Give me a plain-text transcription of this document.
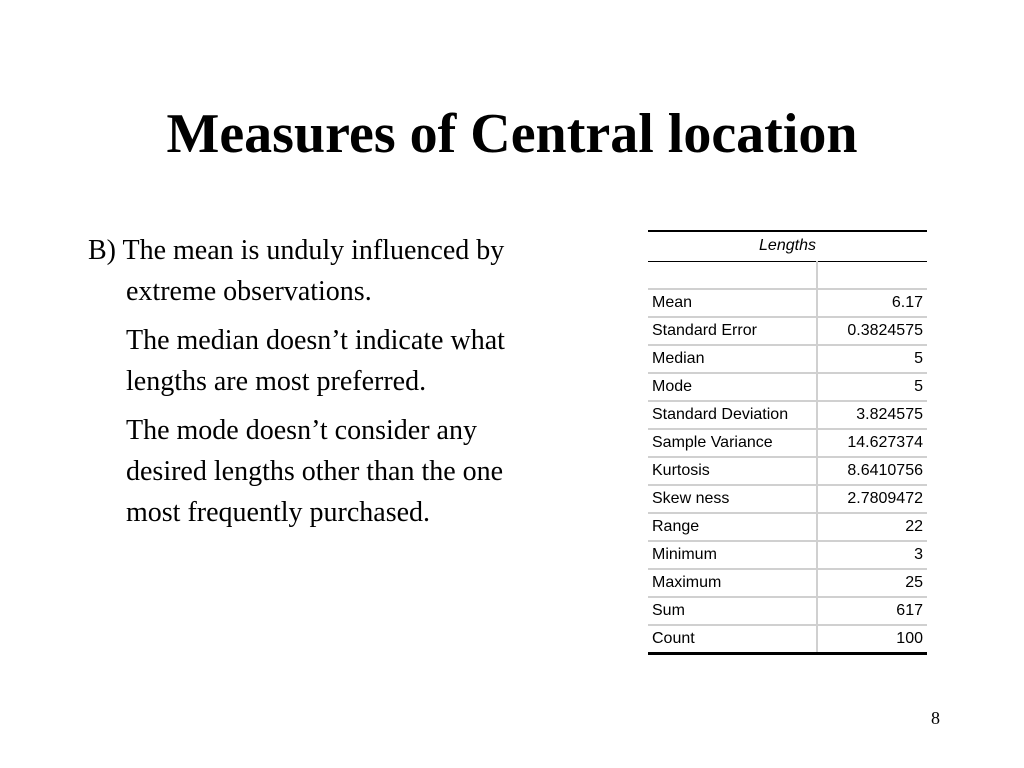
Measures of Central location

B) The mean is unduly influenced by extreme observations.

The median doesn’t indicate what lengths are most preferred.

The mode doesn’t consider any desired lengths other than the one most frequently purchased.

Lengths	

Mean	6.17
Standard Error	0.3824575
Median	5
Mode	5
Standard Deviation	3.824575
Sample Variance	14.627374
Kurtosis	8.6410756
Skew ness	2.7809472
Range	22
Minimum	3
Maximum	25
Sum	617
Count	100
8
